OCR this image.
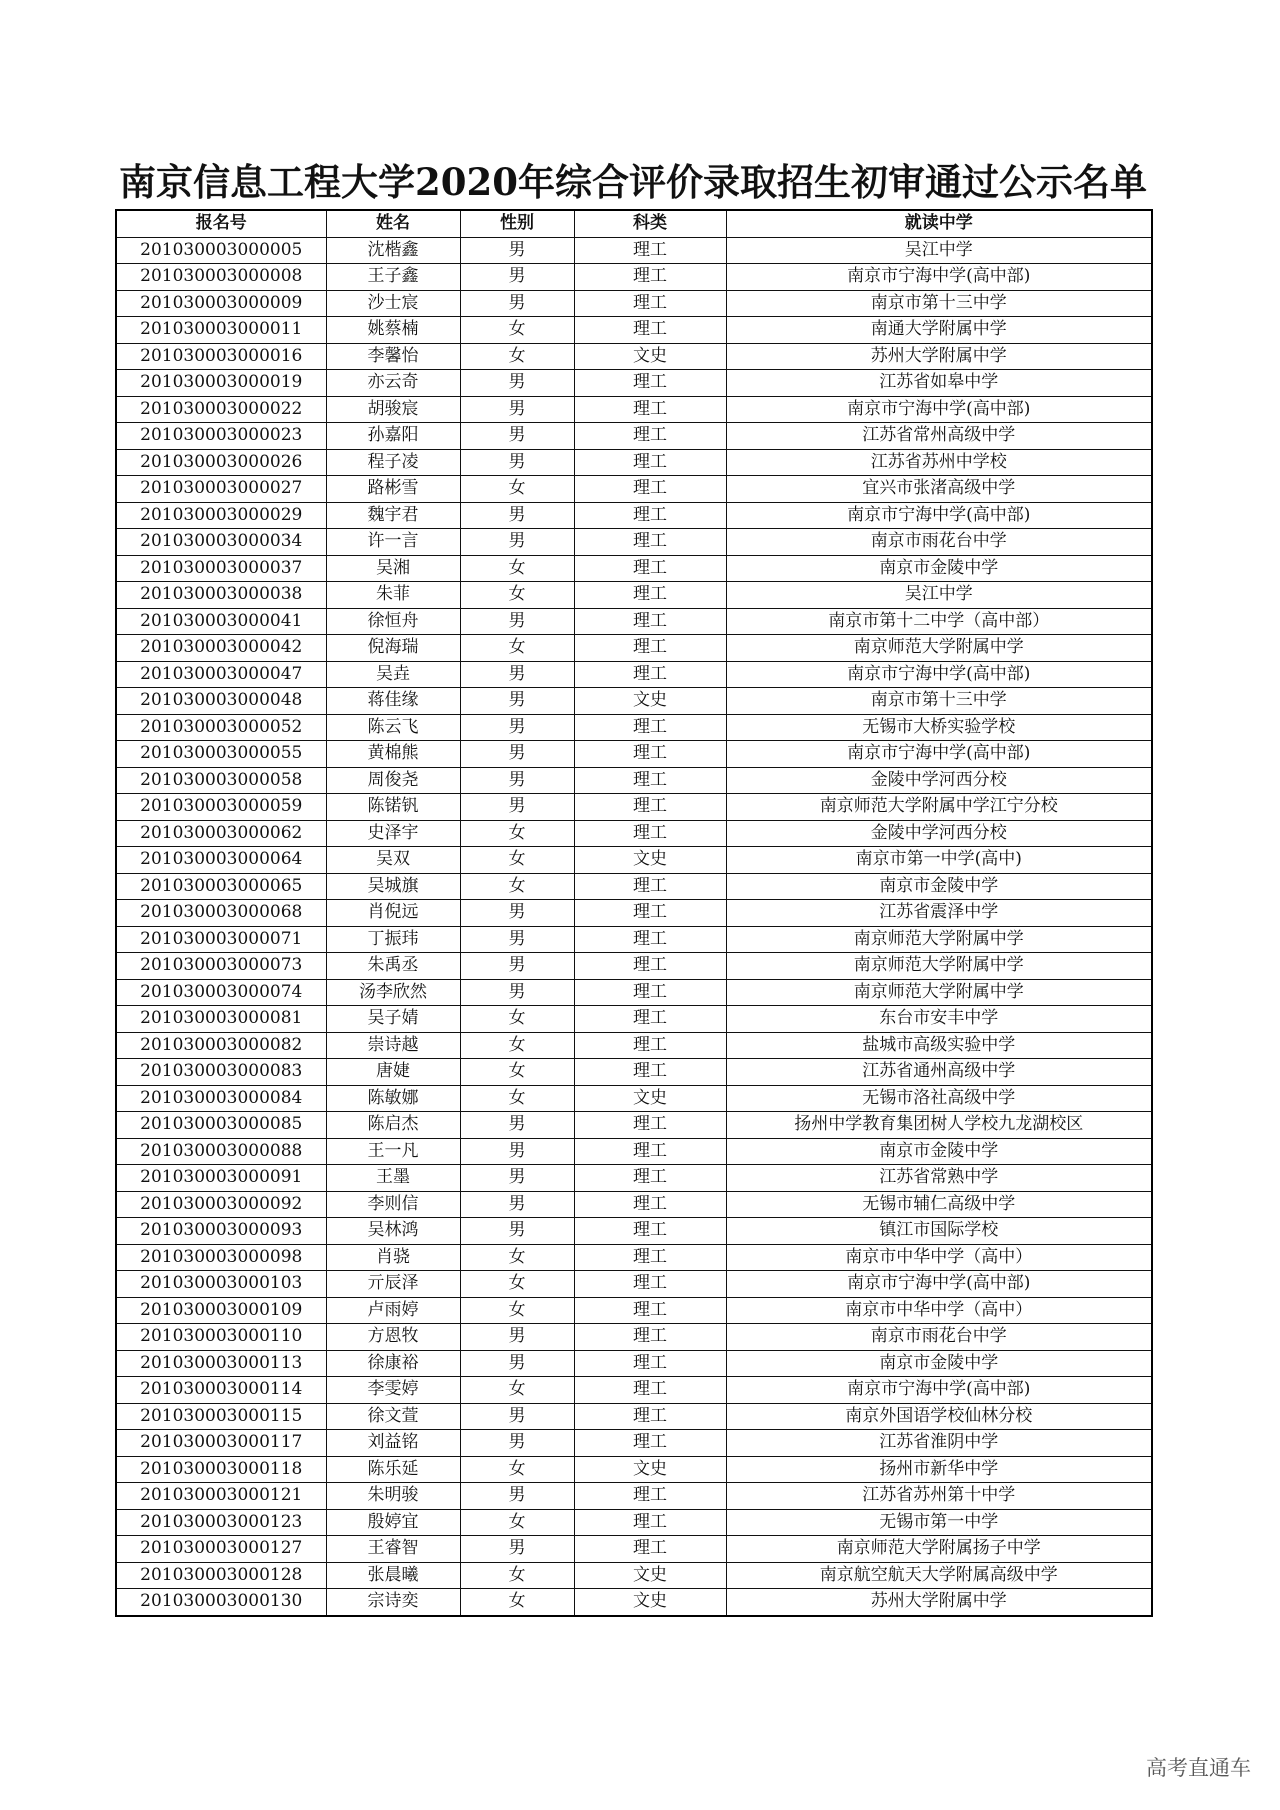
南京信息工程大学2020年综合评价录取招生初审通过公示名单
报名号	姓名	性别	科类	就读中学
201030003000005	沈楷鑫	男	理工	吴江中学
201030003000008	王子鑫	男	理工	南京市宁海中学(高中部)
201030003000009	沙士宸	男	理工	南京市第十三中学
201030003000011	姚蔡楠	女	理工	南通大学附属中学
201030003000016	李馨怡	女	文史	苏州大学附属中学
201030003000019	亦云奇	男	理工	江苏省如皋中学
201030003000022	胡骏宸	男	理工	南京市宁海中学(高中部)
201030003000023	孙嘉阳	男	理工	江苏省常州高级中学
201030003000026	程子凌	男	理工	江苏省苏州中学校
201030003000027	路彬雪	女	理工	宜兴市张渚高级中学
201030003000029	魏宇君	男	理工	南京市宁海中学(高中部)
201030003000034	许一言	男	理工	南京市雨花台中学
201030003000037	吴湘	女	理工	南京市金陵中学
201030003000038	朱菲	女	理工	吴江中学
201030003000041	徐恒舟	男	理工	南京市第十二中学（高中部）
201030003000042	倪海瑞	女	理工	南京师范大学附属中学
201030003000047	吴垚	男	理工	南京市宁海中学(高中部)
201030003000048	蒋佳缘	男	文史	南京市第十三中学
201030003000052	陈云飞	男	理工	无锡市大桥实验学校
201030003000055	黄棉熊	男	理工	南京市宁海中学(高中部)
201030003000058	周俊尧	男	理工	金陵中学河西分校
201030003000059	陈锘钒	男	理工	南京师范大学附属中学江宁分校
201030003000062	史泽宇	女	理工	金陵中学河西分校
201030003000064	吴双	女	文史	南京市第一中学(高中)
201030003000065	吴城旗	女	理工	南京市金陵中学
201030003000068	肖倪远	男	理工	江苏省震泽中学
201030003000071	丁振玮	男	理工	南京师范大学附属中学
201030003000073	朱禹丞	男	理工	南京师范大学附属中学
201030003000074	汤李欣然	男	理工	南京师范大学附属中学
201030003000081	吴子婧	女	理工	东台市安丰中学
201030003000082	崇诗越	女	理工	盐城市高级实验中学
201030003000083	唐婕	女	理工	江苏省通州高级中学
201030003000084	陈敏娜	女	文史	无锡市洛社高级中学
201030003000085	陈启杰	男	理工	扬州中学教育集团树人学校九龙湖校区
201030003000088	王一凡	男	理工	南京市金陵中学
201030003000091	王墨	男	理工	江苏省常熟中学
201030003000092	李则信	男	理工	无锡市辅仁高级中学
201030003000093	吴林鸿	男	理工	镇江市国际学校
201030003000098	肖骁	女	理工	南京市中华中学（高中）
201030003000103	亓辰泽	女	理工	南京市宁海中学(高中部)
201030003000109	卢雨婷	女	理工	南京市中华中学（高中）
201030003000110	方恩牧	男	理工	南京市雨花台中学
201030003000113	徐康裕	男	理工	南京市金陵中学
201030003000114	李雯婷	女	理工	南京市宁海中学(高中部)
201030003000115	徐文萱	男	理工	南京外国语学校仙林分校
201030003000117	刘益铭	男	理工	江苏省淮阴中学
201030003000118	陈乐延	女	文史	扬州市新华中学
201030003000121	朱明骏	男	理工	江苏省苏州第十中学
201030003000123	殷婷宜	女	理工	无锡市第一中学
201030003000127	王睿智	男	理工	南京师范大学附属扬子中学
201030003000128	张晨曦	女	文史	南京航空航天大学附属高级中学
201030003000130	宗诗奕	女	文史	苏州大学附属中学
高考直通车
